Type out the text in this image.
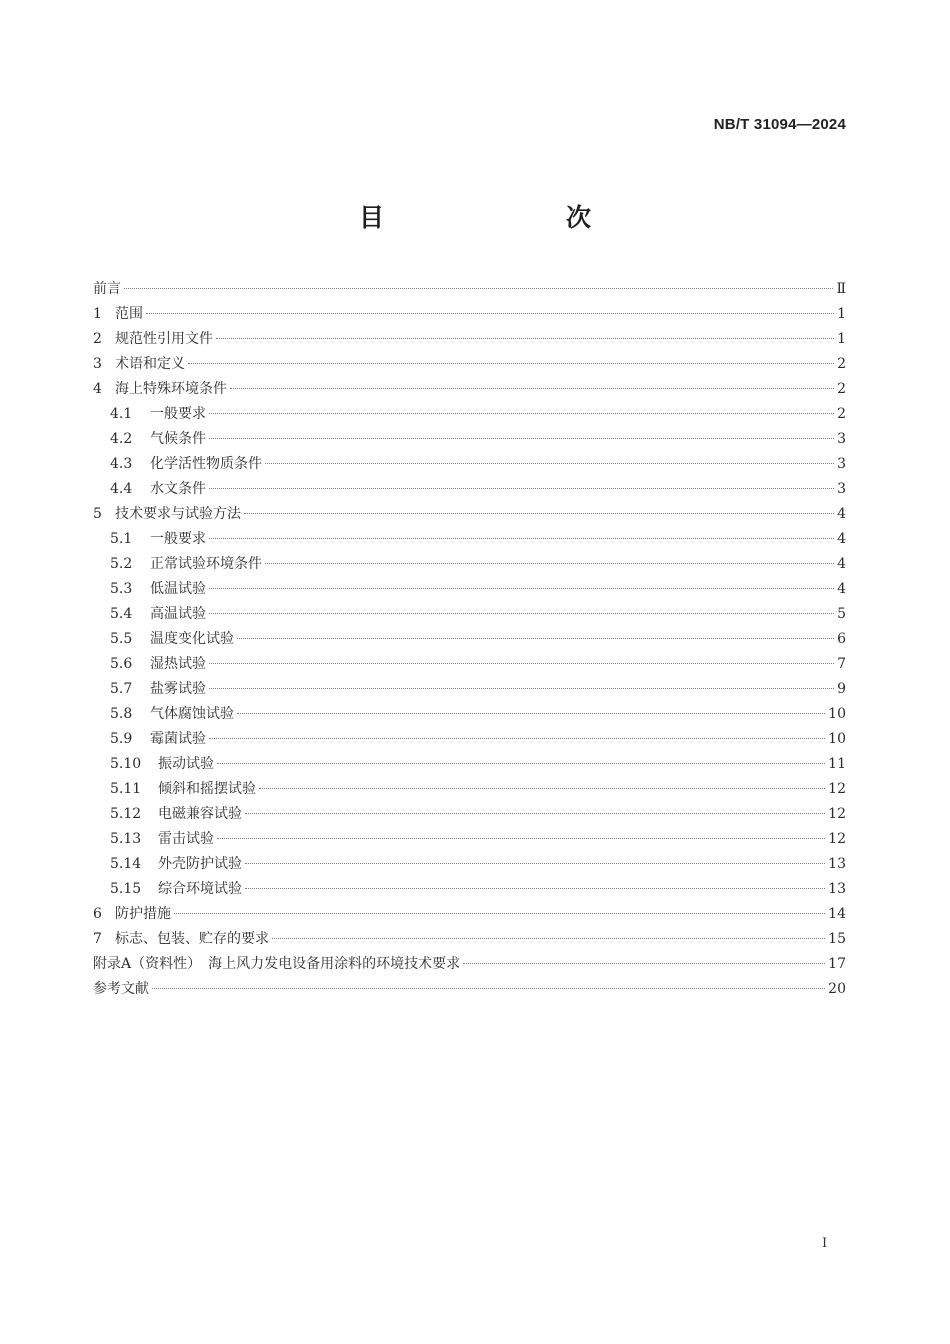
NB/T 31094—2024
目　　次
前言	Ⅱ
1 范围	1
2 规范性引用文件	1
3 术语和定义	2
4 海上特殊环境条件	2
4.1	一般要求	2
4.2	气候条件	3
4.3	化学活性物质条件	3
4.4	水文条件	3
5 技术要求与试验方法	4
5.1	一般要求	4
5.2	正常试验环境条件	4
5.3	低温试验	4
5.4	高温试验	5
5.5	温度变化试验	6
5.6	湿热试验	7
5.7	盐雾试验	9
5.8	气体腐蚀试验	10
5.9	霉菌试验	10
5.10	振动试验	11
5.11	倾斜和摇摆试验	12
5.12	电磁兼容试验	12
5.13	雷击试验	12
5.14	外壳防护试验	13
5.15	综合环境试验	13
6 防护措施	14
7 标志、包装、贮存的要求	15
附录A（资料性）　海上风力发电设备用涂料的环境技术要求	17
参考文献	20
I
